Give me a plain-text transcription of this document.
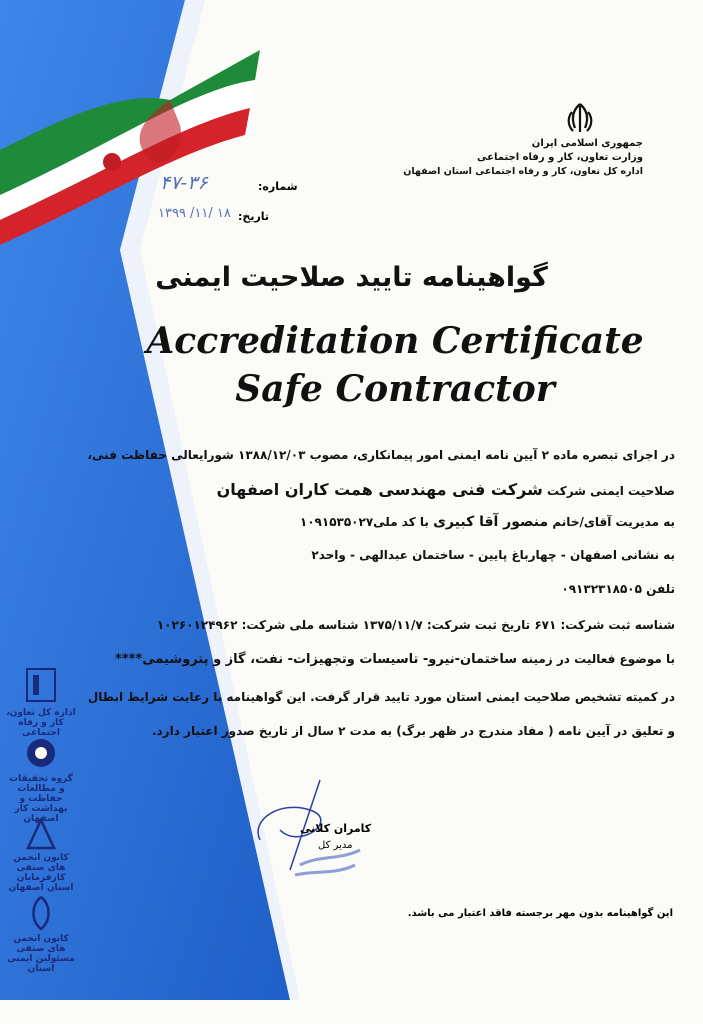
جمهوری اسلامی ایران
وزارت تعاون، کار و رفاه اجتماعی
اداره کل تعاون، کار و رفاه اجتماعی استان اصفهان
شماره:
۴۷-۳۶
تاریخ:
۱۳۹۹ /۱۱/ ۱۸
گواهینامه تایید صلاحیت ایمنی
Accreditation Certificate
Safe Contractor
در اجرای تبصره ماده ۲ آیین نامه ایمنی امور پیمانکاری، مصوب ۱۳۸۸/۱۲/۰۳ شورایعالی حفاظت فنی،
صلاحیت ایمنی شرکت شرکت فنی مهندسی همت کاران اصفهان
به مدیریت آقای/خانم منصور آقا کبیری با کد ملی۱۰۹۱۵۳۵۰۲۷
به نشانی اصفهان - چهارباغ پایین - ساختمان عبدالهی - واحد۲
تلفن ۰۹۱۳۲۳۱۸۵۰۵
شناسه ثبت شرکت: ۶۷۱ تاریخ ثبت شرکت: ۱۳۷۵/۱۱/۷ شناسه ملی شرکت: ۱۰۲۶۰۱۲۴۹۶۲
با موضوع فعالیت در زمینه ساختمان-نیرو- تاسیسات وتجهیزات- نفت، گاز و پتروشیمی****
در کمیته تشخیص صلاحیت ایمنی استان مورد تایید قرار گرفت. این گواهینامه با رعایت شرایط ابطال
و تعلیق در آیین نامه ( مفاد مندرج در ظهر برگ) به مدت ۲ سال از تاریخ صدور اعتبار دارد.
کامران کلانی
مدیر کل
این گواهینامه بدون مهر برجسته فاقد اعتبار می باشد.
اداره کل تعاون، کار و رفاه اجتماعی
گروه تحقیقات و مطالعات حفاظت و بهداشت کار اصفهان
کانون انجمن های صنفی کارفرمایان استان اصفهان
کانون انجمن های صنفی مسئولین ایمنی استان
